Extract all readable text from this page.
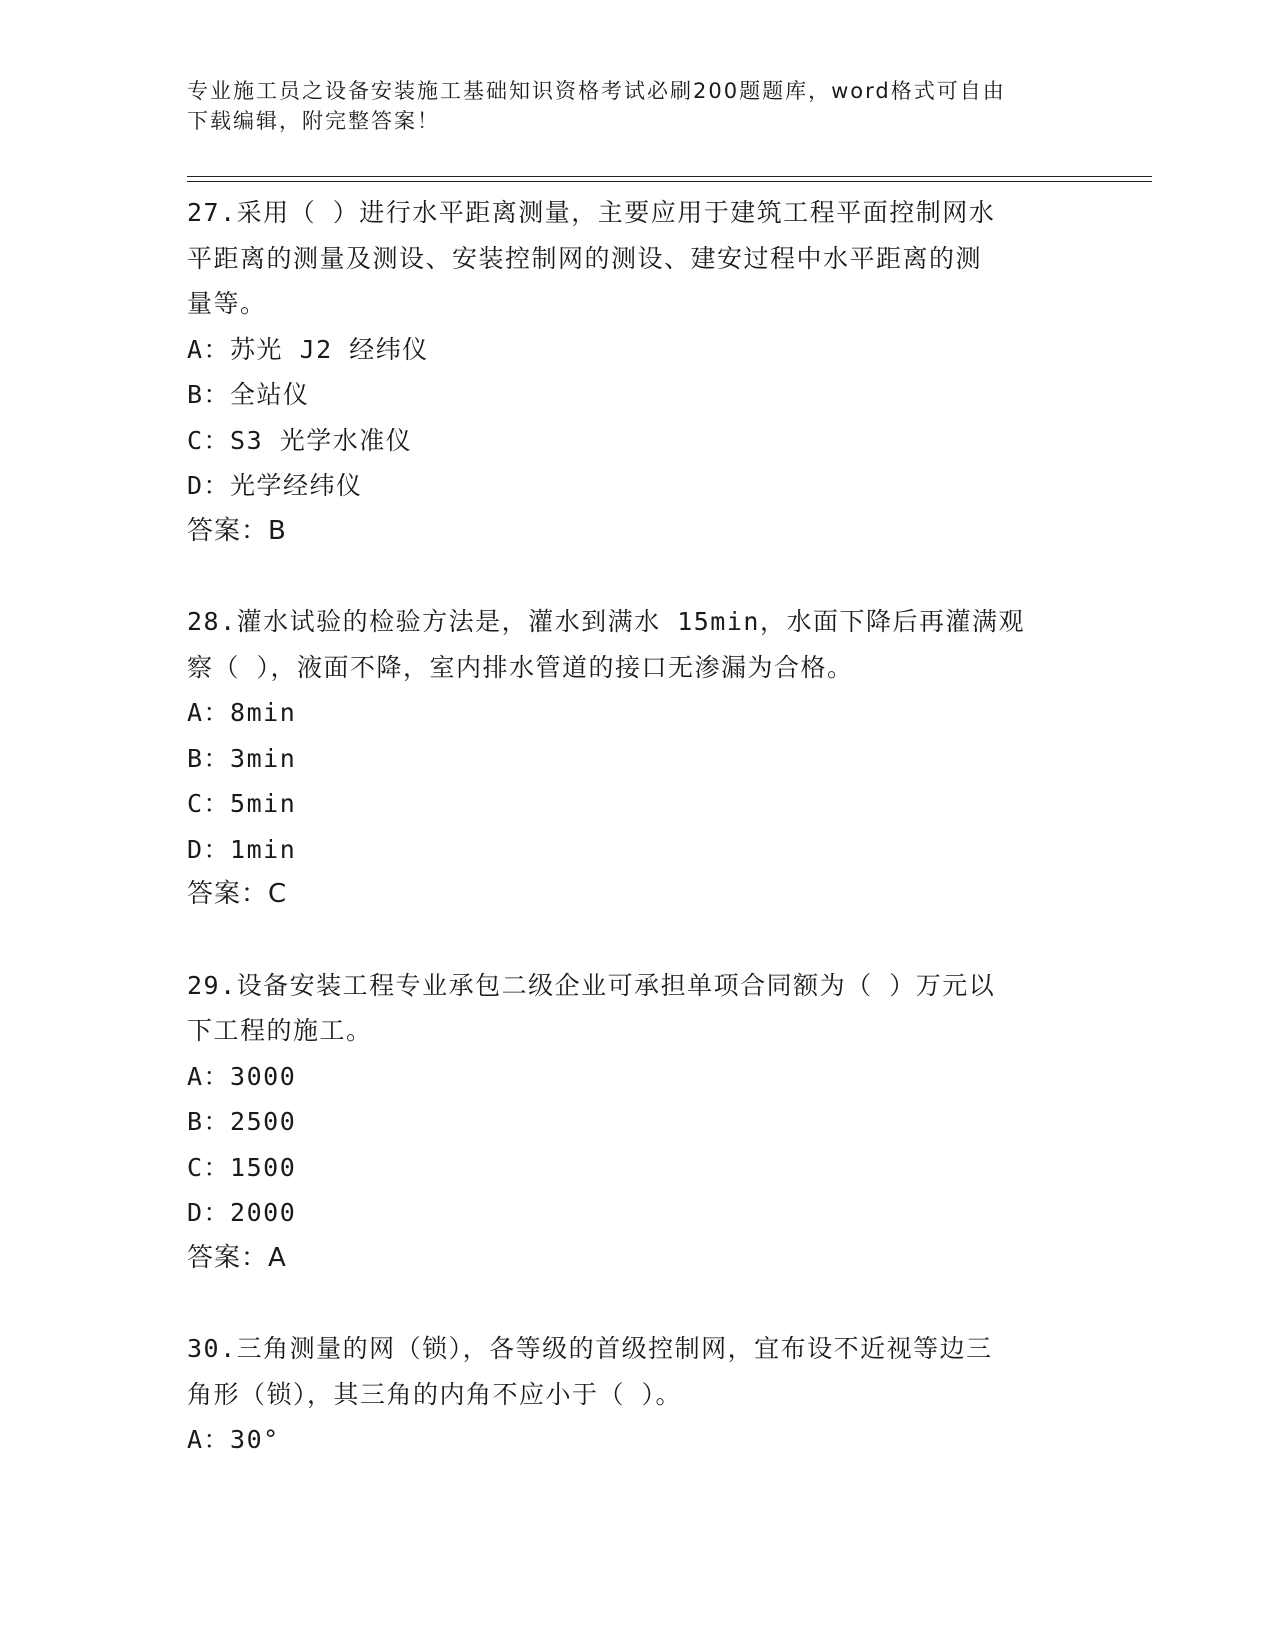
专业施工员之设备安装施工基础知识资格考试必刷200题题库，word格式可自由
下载编辑，附完整答案！

27.采用（ ）进行水平距离测量，主要应用于建筑工程平面控制网水

平距离的测量及测设、安装控制网的测设、建安过程中水平距离的测

量等。

A：苏光 J2 经纬仪

B：全站仪

C：S3 光学水准仪

D：光学经纬仪

答案：B

28.灌水试验的检验方法是，灌水到满水 15min，水面下降后再灌满观

察（ ），液面不降，室内排水管道的接口无渗漏为合格。

A：8min

B：3min

C：5min

D：1min

答案：C

29.设备安装工程专业承包二级企业可承担单项合同额为（ ）万元以

下工程的施工。

A：3000

B：2500

C：1500

D：2000

答案：A

30.三角测量的网（锁），各等级的首级控制网，宜布设不近视等边三

角形（锁），其三角的内角不应小于（ ）。

A：30°
